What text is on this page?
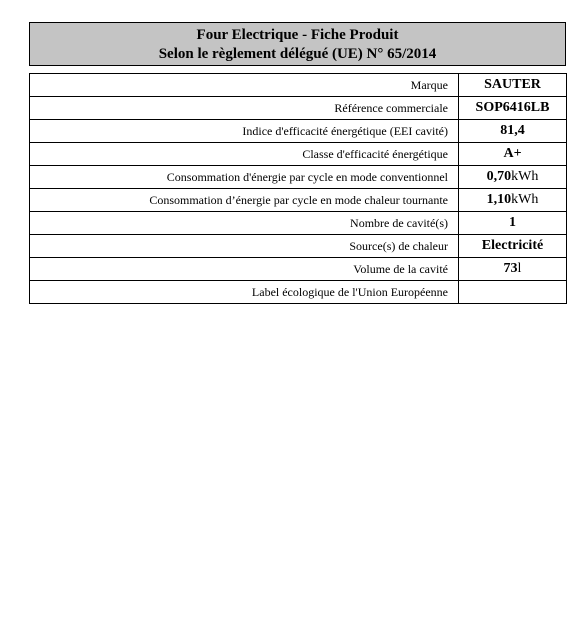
Four Electrique - Fiche Produit
Selon le règlement délégué (UE) N° 65/2014
Marque	SAUTER
Référence commerciale	SOP6416LB
Indice d'efficacité énergétique (EEI cavité)	81,4
Classe d'efficacité énergétique	A+
Consommation d'énergie par cycle en mode conventionnel	0,70kWh
Consommation d’énergie par cycle en mode chaleur tournante	1,10kWh
Nombre de cavité(s)	1
Source(s) de chaleur	Electricité
Volume de la cavité	73l
Label écologique de l'Union Européenne	
